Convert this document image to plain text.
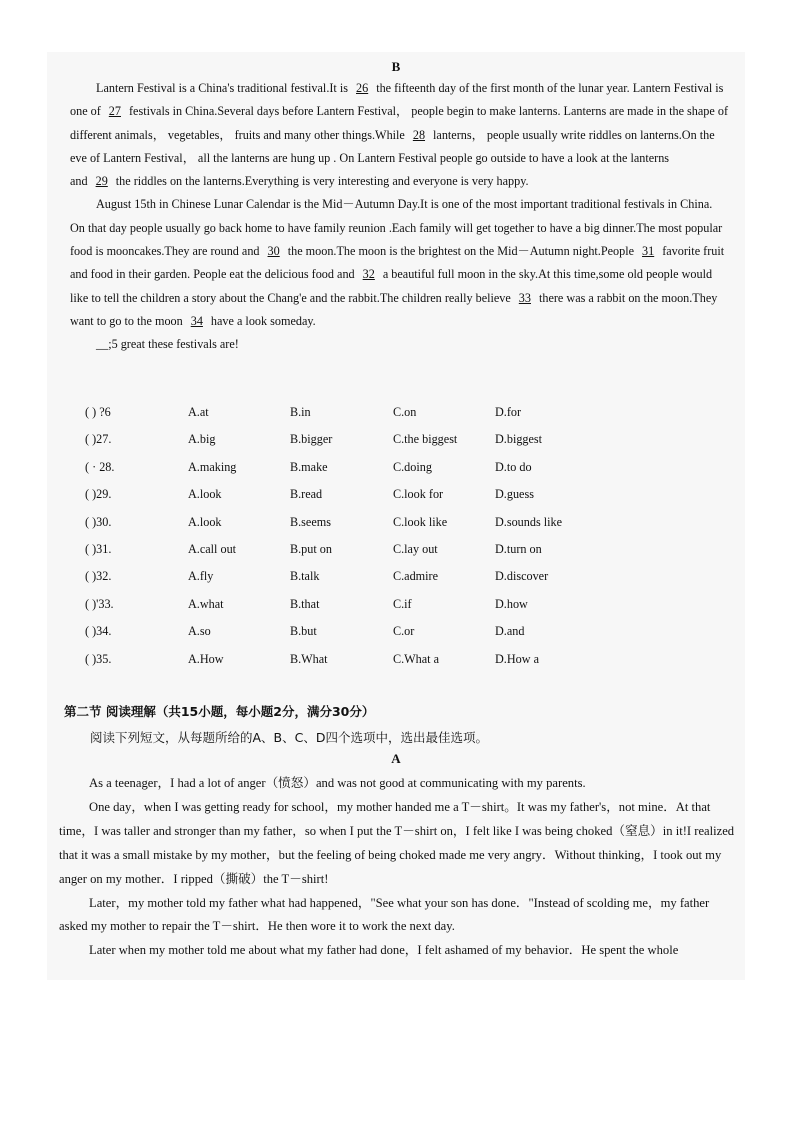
B

Lantern Festival is a China's traditional festival.It is 26 the fifteenth day of the first month of the lunar year. Lantern Festival is one of 27 festivals in China.Several days before Lantern Festival， people begin to make lanterns. Lanterns are made in the shape of different animals， vegetables， fruits and many other things.While 28 lanterns， people usually write riddles on lanterns.On the eve of Lantern Festival， all the lanterns are hung up . On Lantern Festival people go outside to have a look at the lanterns and 29 the riddles on the lanterns.Everything is very interesting and everyone is very happy.

August 15th in Chinese Lunar Calendar is the Mid－Autumn Day.It is one of the most important traditional festivals in China. On that day people usually go back home to have family reunion .Each family will get together to have a big dinner.The most popular food is mooncakes.They are round and 30 the moon.The moon is the brightest on the Mid－Autumn night.People 31 favorite fruit and food in their garden. People eat the delicious food and 32 a beautiful full moon in the sky.At this time,some old people would like to tell the children a story about the Chang'e and the rabbit.The children really believe 33 there was a rabbit on the moon.They want to go to the moon 34 have a look someday.

__;5 great these festivals are!

( ) ?6	A.at	B.in	C.on	D.for
( )27.	A.big	B.bigger	C.the biggest	D.biggest
( · 28.	A.making	B.make	C.doing	D.to do
( )29.	A.look	B.read	C.look for	D.guess
( )30.	A.look	B.seems	C.look like	D.sounds like
( )31.	A.call out	B.put on	C.lay out	D.turn on
( )32.	A.fly	B.talk	C.admire	D.discover
( )'33.	A.what	B.that	C.if	D.how
( )34.	A.so	B.but	C.or	D.and
( )35.	A.How	B.What	C.What a	D.How a
第二节 阅读理解（共15小题，每小题2分，满分30分）
阅读下列短文，从每题所给的A、B、C、D四个选项中，选出最佳选项。
A

As a teenager，I had a lot of anger（愤怒）and was not good at communicating with my parents.

One day，when I was getting ready for school，my mother handed me a T－shirt。It was my father's，not mine．At that time，I was taller and stronger than my father，so when I put the T－shirt on，I felt like I was being choked（窒息）in it!I realized that it was a small mistake by my mother，but the feeling of being choked made me very angry．Without thinking，I took out my anger on my mother．I ripped（撕破）the T－shirt!

Later，my mother told my father what had happened，"See what your son has done．"Instead of scolding me，my father asked my mother to repair the T－shirt．He then wore it to work the next day.

Later when my mother told me about what my father had done，I felt ashamed of my behavior．He spent the whole
